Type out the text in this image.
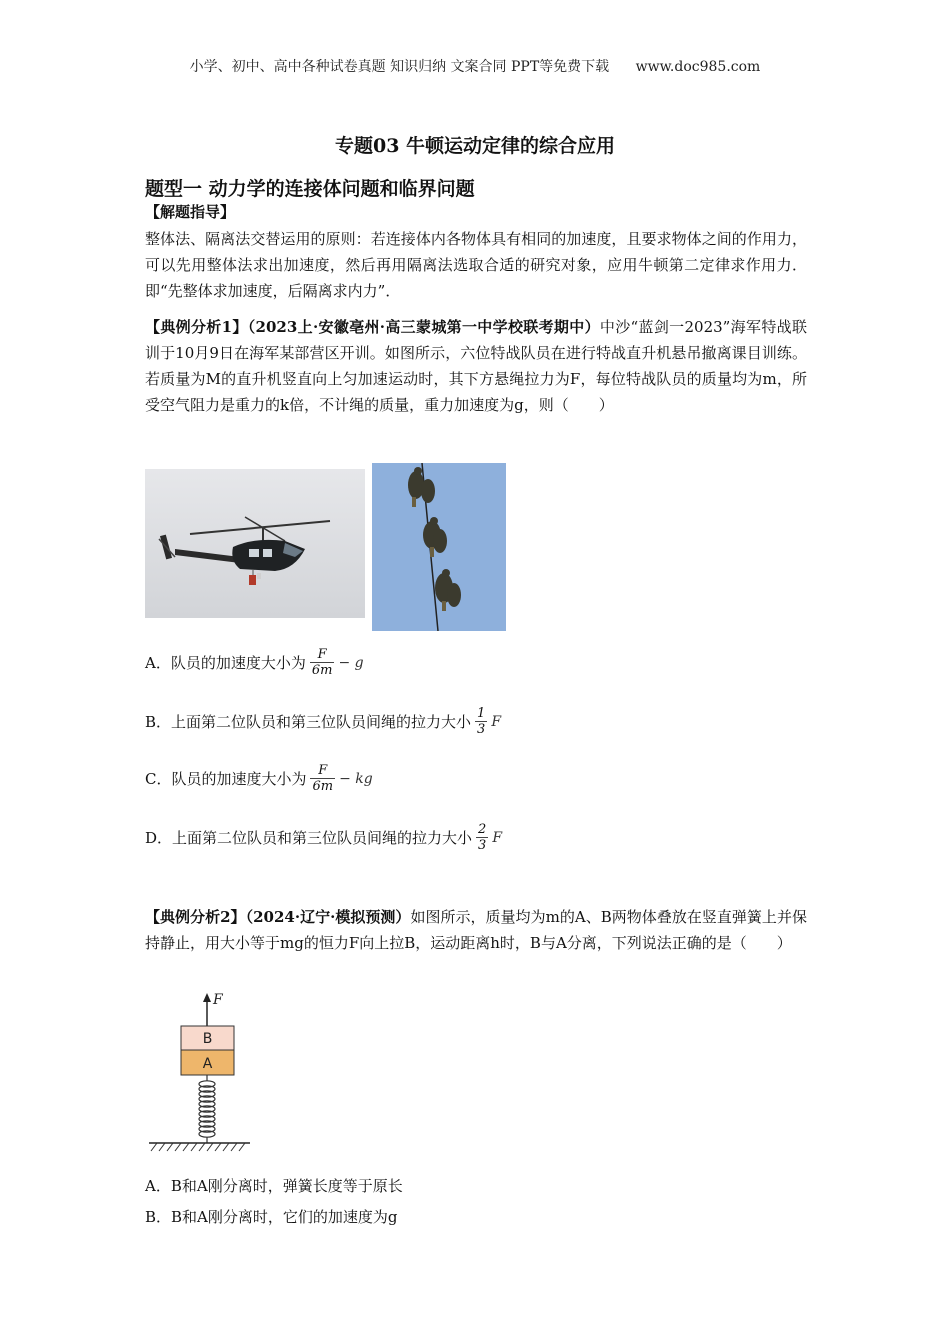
小学、初中、高中各种试卷真题 知识归纳 文案合同 PPT等免费下载 www.doc985.com
专题03 牛顿运动定律的综合应用
题型一 动力学的连接体问题和临界问题
【解题指导】
整体法、隔离法交替运用的原则：若连接体内各物体具有相同的加速度，且要求物体之间的作用力，可以先用整体法求出加速度，然后再用隔离法选取合适的研究对象，应用牛顿第二定律求作用力．即“先整体求加速度，后隔离求内力”．
【典例分析1】（2023上·安徽亳州·高三蒙城第一中学校联考期中）中沙“蓝剑一2023”海军特战联训于10月9日在海军某部营区开训。如图所示，六位特战队员在进行特战直升机悬吊撤离课目训练。若质量为M的直升机竖直向上匀加速运动时，其下方悬绳拉力为F，每位特战队员的质量均为m，所受空气阻力是重力的k倍，不计绳的质量，重力加速度为g，则（　　）
A．队员的加速度大小为 $\frac{F}{6m} - g$
B．上面第二位队员和第三位队员间绳的拉力大小 $\frac{1}{3}$ F
C．队员的加速度大小为 $\frac{F}{6m}$ − kg
D．上面第二位队员和第三位队员间绳的拉力大小 $\frac{2}{3}$ F
【典例分析2】（2024·辽宁·模拟预测）如图所示，质量均为m的A、B两物体叠放在竖直弹簧上并保持静止，用大小等于mg的恒力F向上拉B，运动距离h时，B与A分离，下列说法正确的是（　　）
F
B
A
A．B和A刚分离时，弹簧长度等于原长
B．B和A刚分离时，它们的加速度为g
